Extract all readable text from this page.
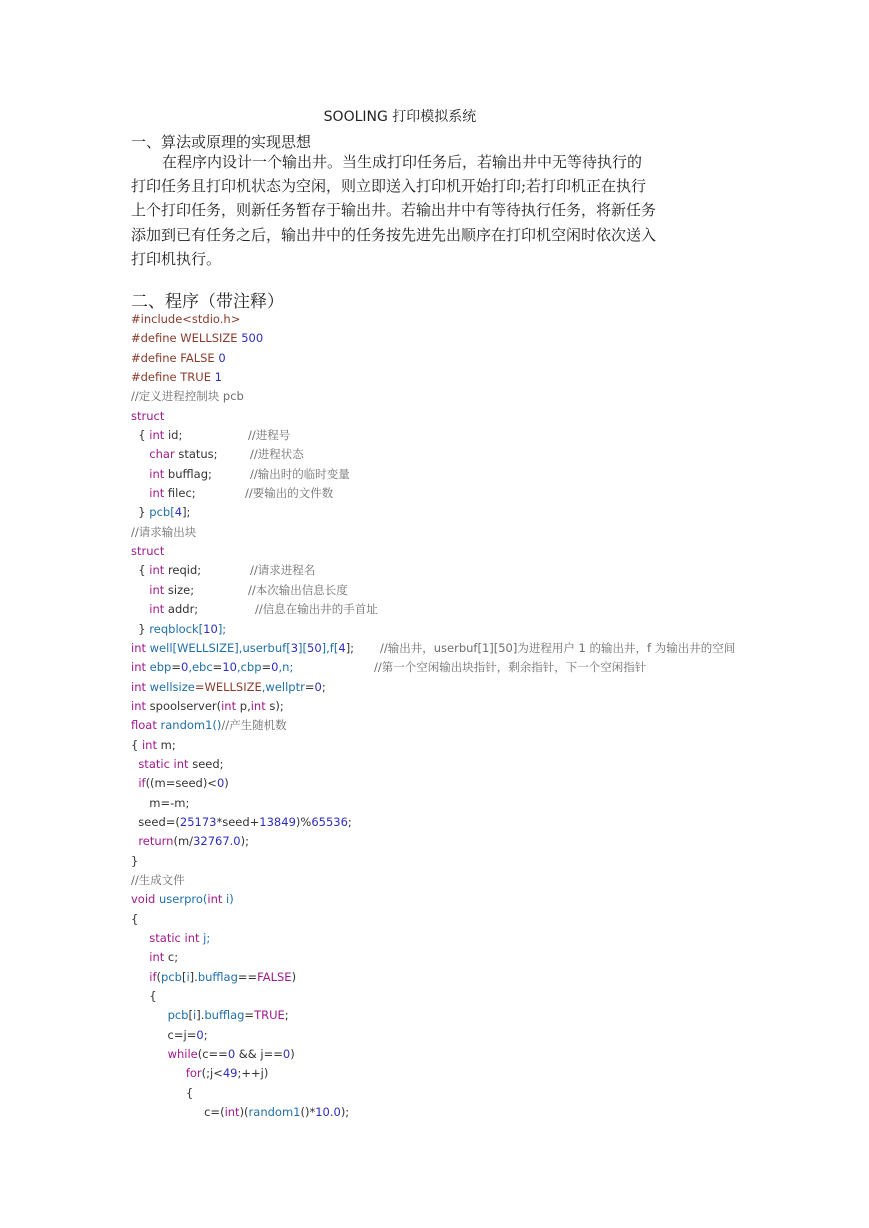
SOOLING 打印模拟系统
一、算法或原理的实现思想
在程序内设计一个输出井。当生成打印任务后，若输出井中无等待执行的
打印任务且打印机状态为空闲，则立即送入打印机开始打印;若打印机正在执行
上个打印任务，则新任务暂存于输出井。若输出井中有等待执行任务，将新任务
添加到已有任务之后，输出井中的任务按先进先出顺序在打印机空闲时依次送入
打印机执行。
二、程序（带注释）
#include<stdio.h>
#define WELLSIZE 500
#define FALSE 0
#define TRUE 1
//定义进程控制块 pcb
struct
{ int id;	//进程号
char status;	//进程状态
int bufflag;	//输出时的临时变量
int filec;	//要输出的文件数
} pcb[4];
//请求输出块
struct
{ int reqid;	//请求进程名
int size;	//本次输出信息长度
int addr;	//信息在输出井的手首址
} reqblock[10];
int well[WELLSIZE],userbuf[3][50],f[4]; //输出井，userbuf[1][50]为进程用户 1 的输出井，f 为输出井的空间
int ebp=0,ebc=10,cbp=0,n;	//第一个空闲输出块指针，剩余指针，下一个空闲指针
int wellsize=WELLSIZE,wellptr=0;
int spoolserver(int p,int s);
float random1()//产生随机数
{ int m;
static int seed;
if((m=seed)<0)
m=-m;
seed=(25173*seed+13849)%65536;
return(m/32767.0);
}
//生成文件
void userpro(int i)
{
static int j;
int c;
if(pcb[i].bufflag==FALSE)
{
pcb[i].bufflag=TRUE;
c=j=0;
while(c==0 && j==0)
for(;j<49;++j)
{
c=(int)(random1()*10.0);
